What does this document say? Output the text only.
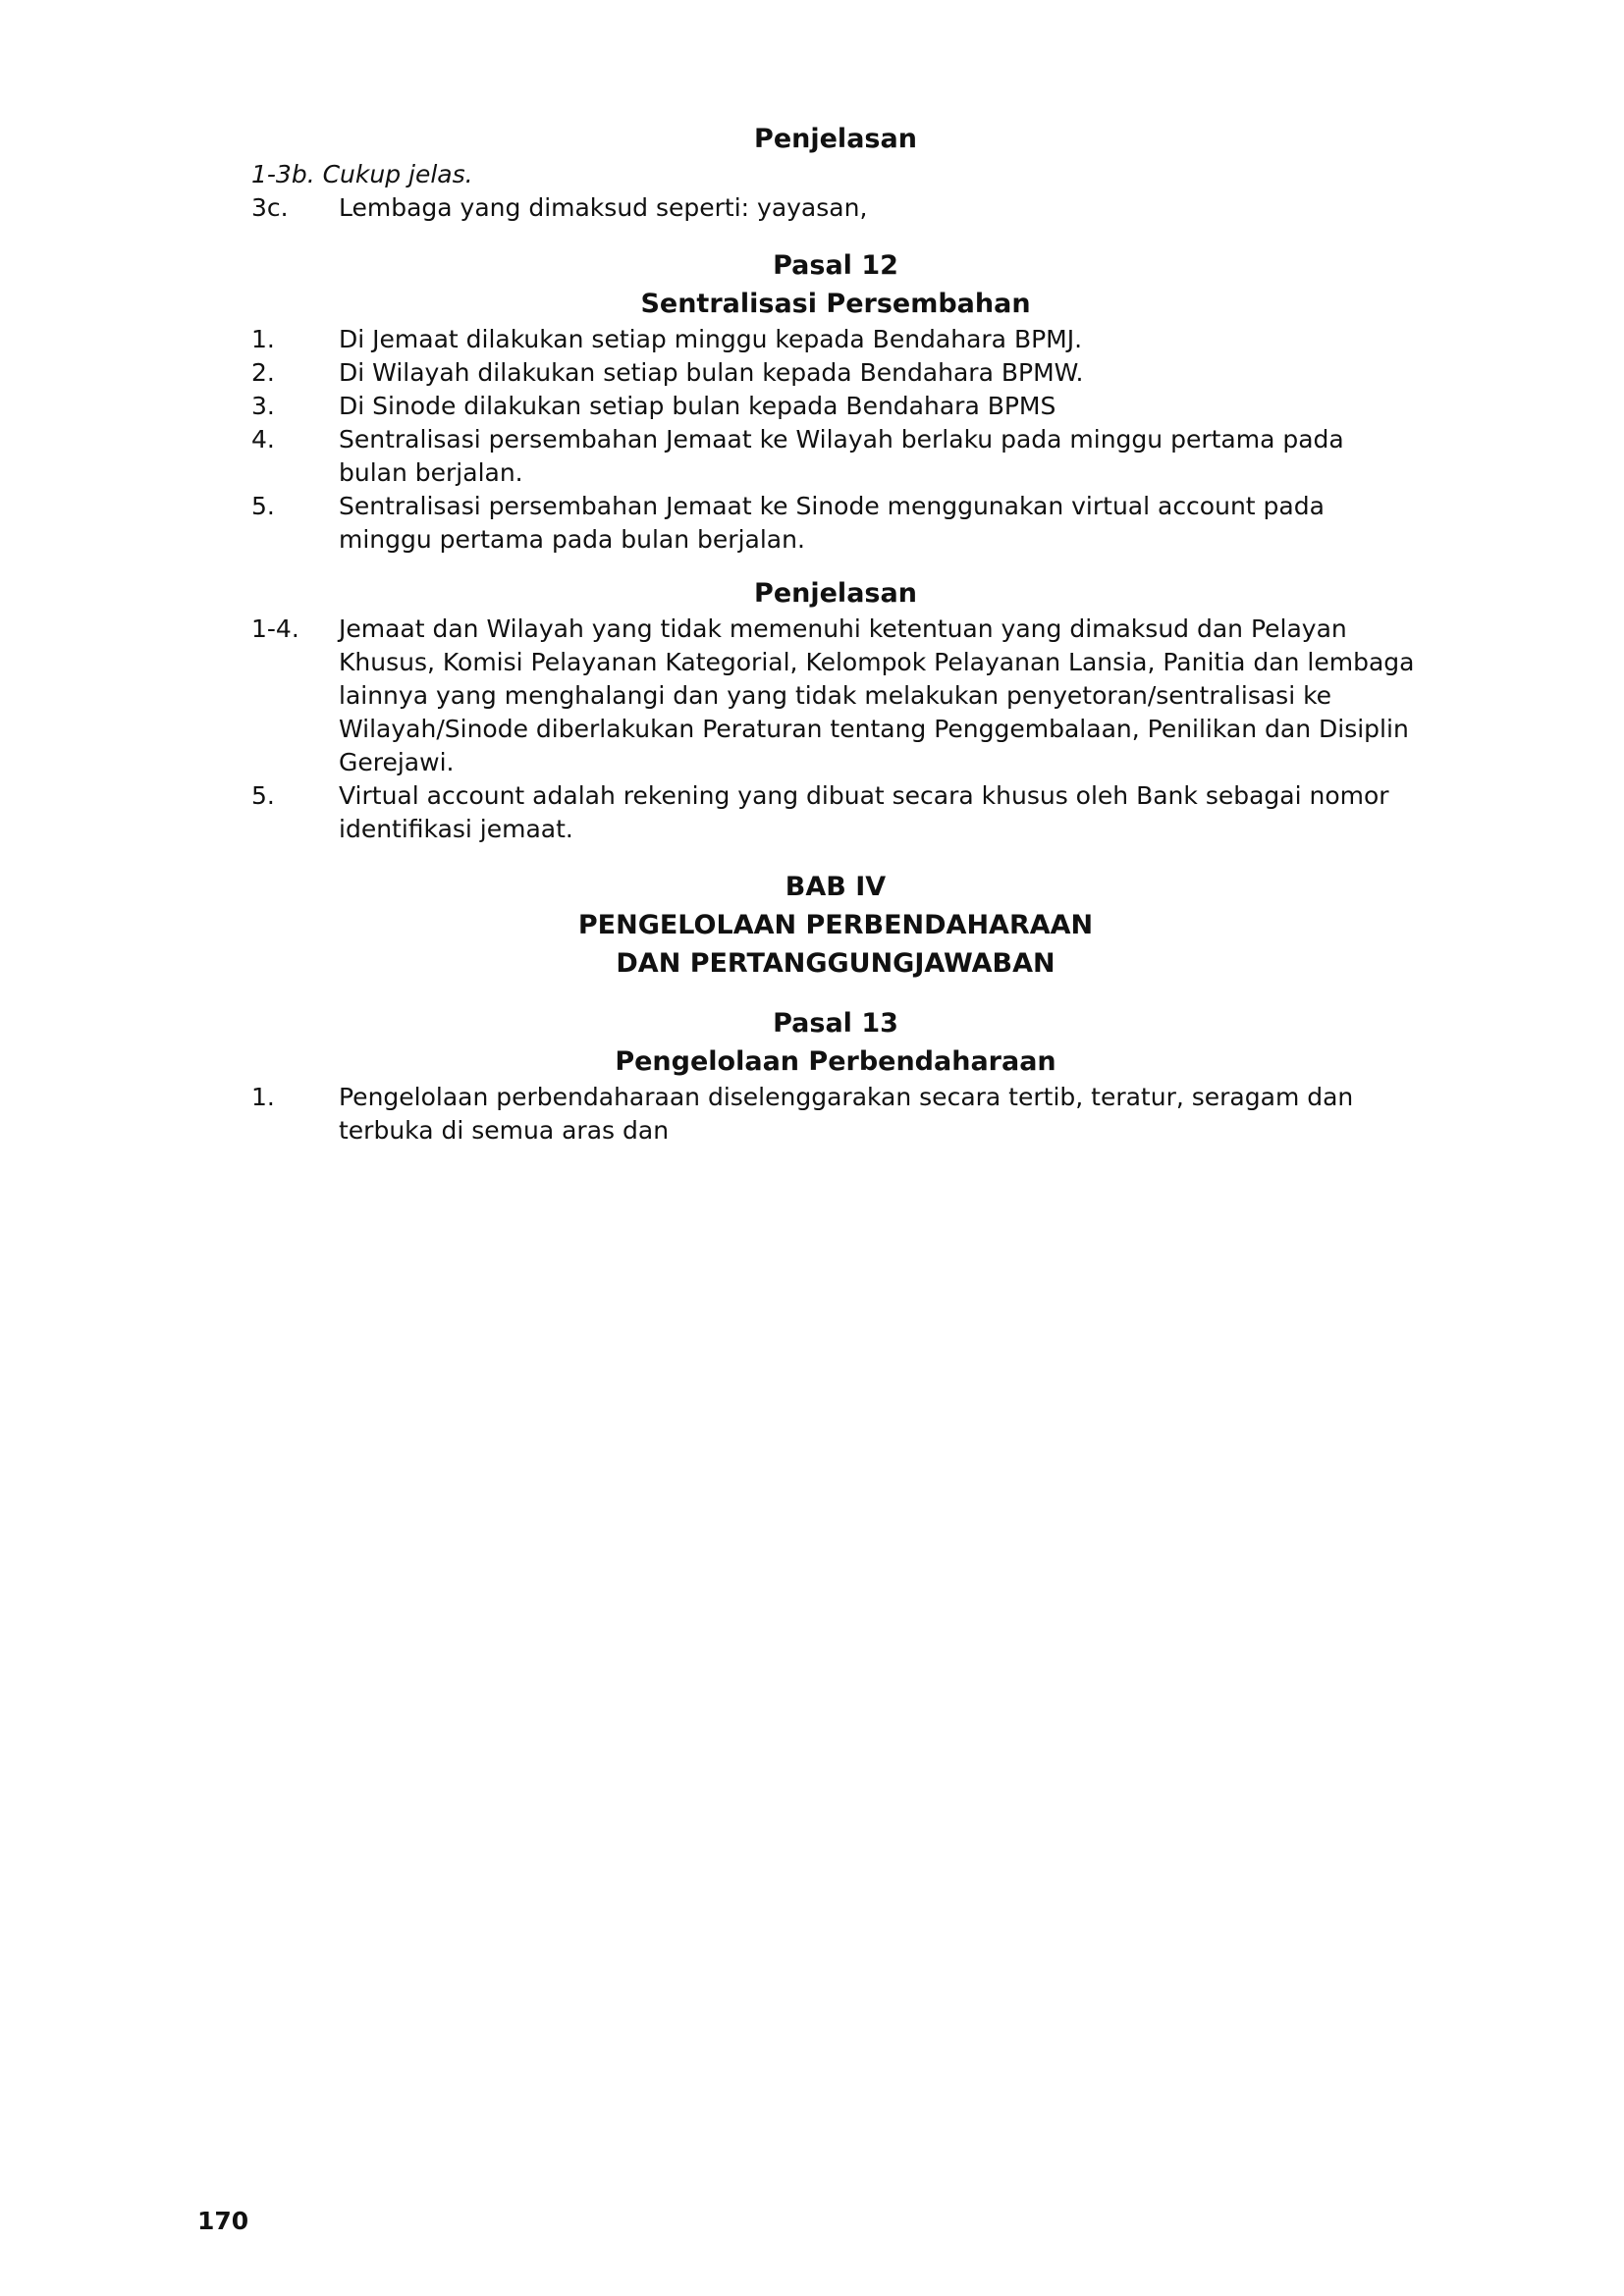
Penjelasan
1-3b. Cukup jelas.
3c.	Lembaga yang dimaksud seperti: yayasan,
Pasal 12
Sentralisasi Persembahan
1.	Di Jemaat dilakukan setiap minggu kepada Bendahara BPMJ.
2.	Di Wilayah dilakukan setiap bulan kepada Bendahara BPMW.
3.	Di Sinode dilakukan setiap bulan kepada Bendahara BPMS
4.	Sentralisasi persembahan Jemaat ke Wilayah berlaku pada minggu pertama pada bulan berjalan.
5.	Sentralisasi persembahan Jemaat ke Sinode menggunakan virtual account pada minggu pertama pada bulan berjalan.
Penjelasan
1-4.	Jemaat dan Wilayah yang tidak memenuhi ketentuan yang dimaksud dan Pelayan Khusus, Komisi Pelayanan Kategorial, Kelompok Pelayanan Lansia, Panitia dan lembaga lainnya yang menghalangi dan yang tidak melakukan penyetoran/sentralisasi ke Wilayah/Sinode diberlakukan Peraturan tentang Penggembalaan, Penilikan dan Disiplin Gerejawi.
5.	Virtual account adalah rekening yang dibuat secara khusus oleh Bank sebagai nomor identifikasi jemaat.
BAB IV
PENGELOLAAN PERBENDAHARAAN
DAN PERTANGGUNGJAWABAN
Pasal 13
Pengelolaan Perbendaharaan
1.	Pengelolaan perbendaharaan diselenggarakan secara tertib, teratur, seragam dan terbuka di semua aras dan
170
